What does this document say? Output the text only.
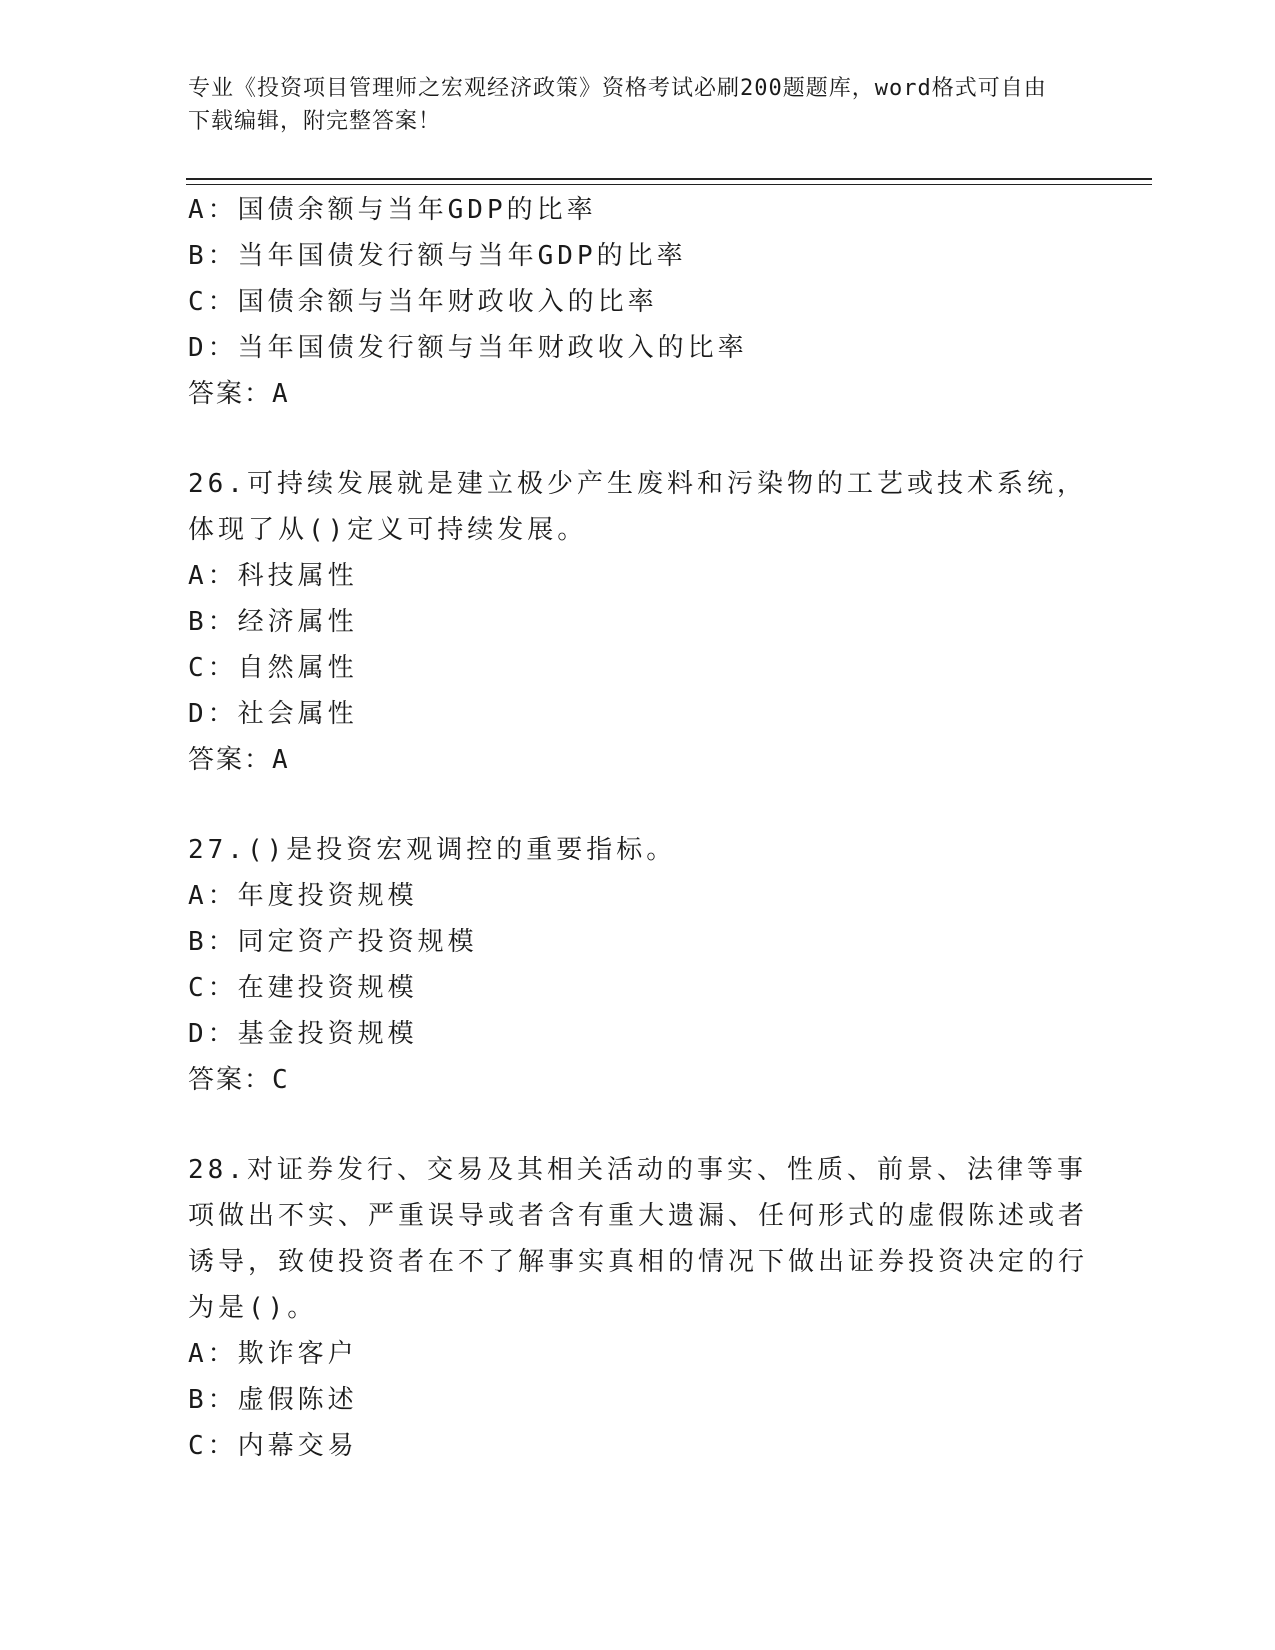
专业《投资项目管理师之宏观经济政策》资格考试必刷200题题库，word格式可自由下载编辑，附完整答案！
A：国债余额与当年GDP的比率
B：当年国债发行额与当年GDP的比率
C：国债余额与当年财政收入的比率
D：当年国债发行额与当年财政收入的比率
答案：A
26.可持续发展就是建立极少产生废料和污染物的工艺或技术系统，体现了从()定义可持续发展。
A：科技属性
B：经济属性
C：自然属性
D：社会属性
答案：A
27.()是投资宏观调控的重要指标。
A：年度投资规模
B：同定资产投资规模
C：在建投资规模
D：基金投资规模
答案：C
28.对证券发行、交易及其相关活动的事实、性质、前景、法律等事项做出不实、严重误导或者含有重大遗漏、任何形式的虚假陈述或者诱导，致使投资者在不了解事实真相的情况下做出证券投资决定的行为是()。
A：欺诈客户
B：虚假陈述
C：内幕交易
